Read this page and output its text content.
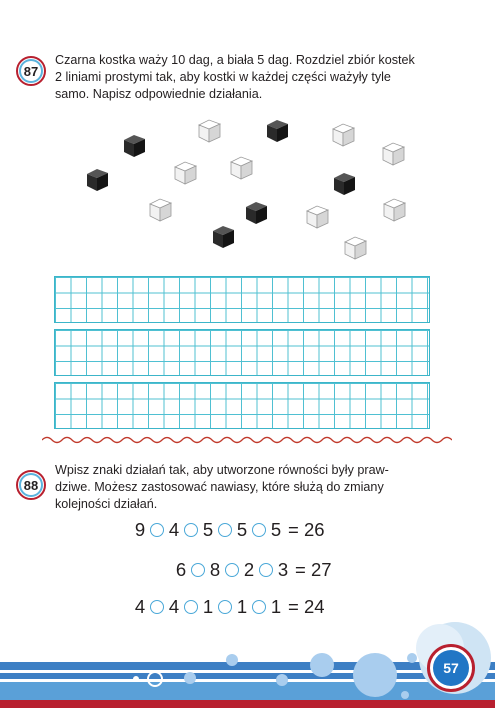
87
Czarna kostka waży 10 dag, a biała 5 dag. Rozdziel zbiór kostek
2 liniami prostymi tak, aby kostki w każdej części ważyły tyle
samo. Napisz odpowiednie działania.
88
Wpisz znaki działań tak, aby utworzone równości były praw-
dziwe. Możesz zastosować nawiasy, które służą do zmiany
kolejności działań.
9 4 5 5 5 = 26
6 8 2 3 = 27
4 4 1 1 1 = 24
57
